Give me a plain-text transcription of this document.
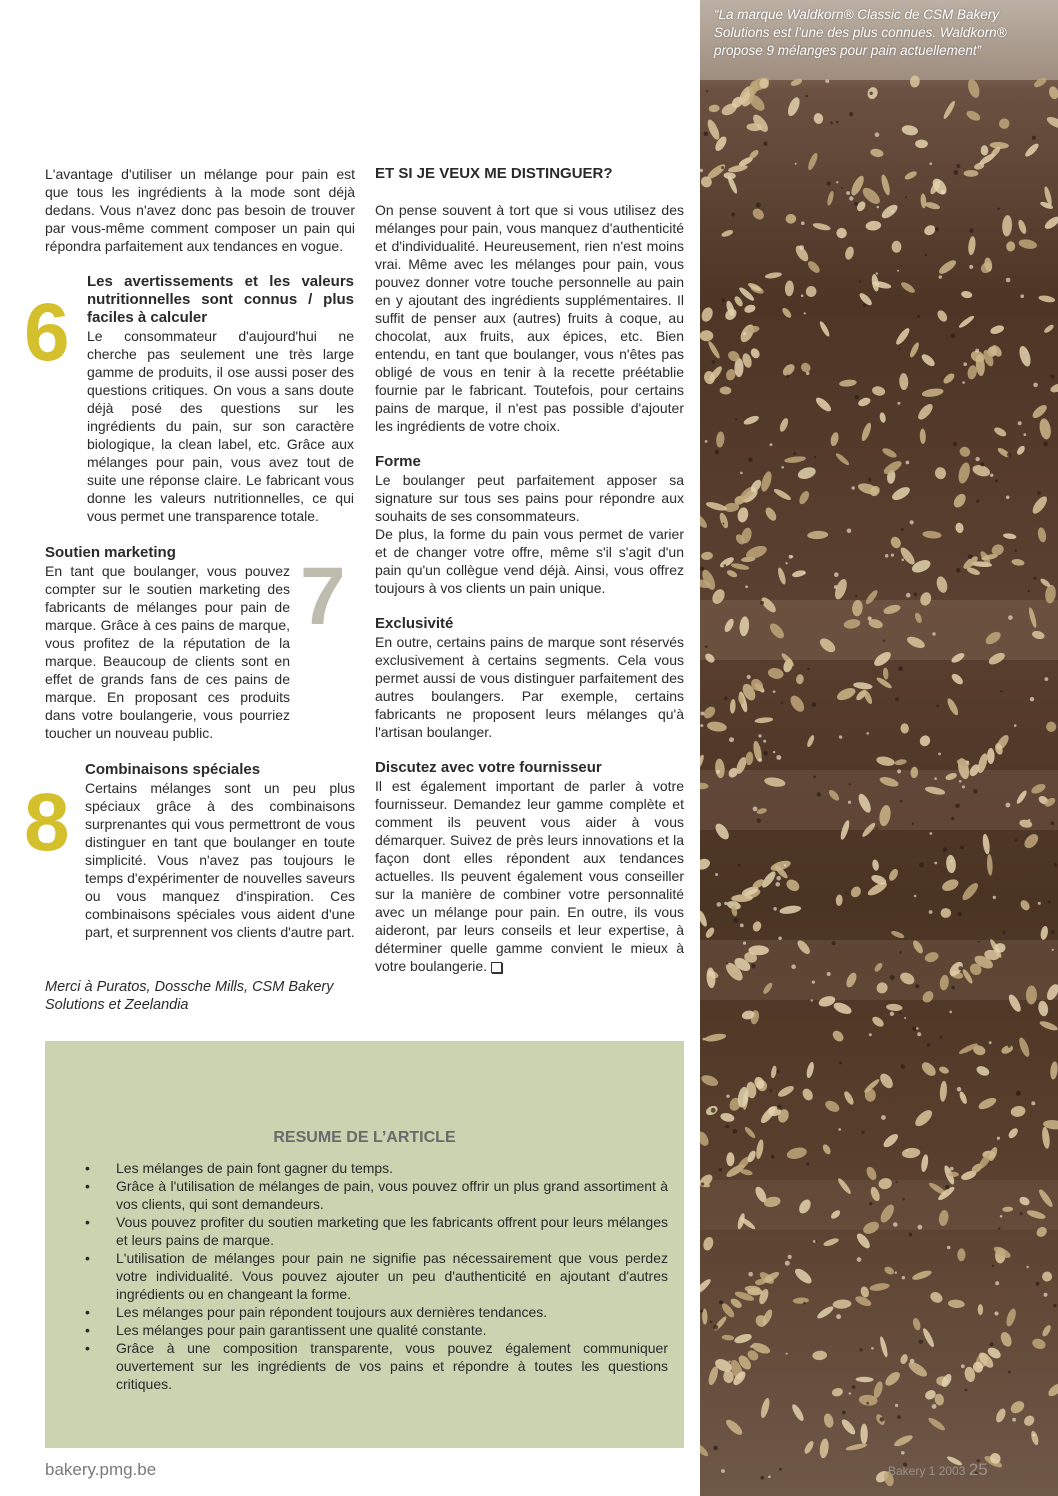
“La marque Waldkorn® Classic de CSM Bakery Solutions est l’une des plus connues. Waldkorn® propose 9 mélanges pour pain actuellement”

L'avantage d'utiliser un mélange pour pain est que tous les ingrédients à la mode sont déjà dedans. Vous n'avez donc pas besoin de trouver par vous-même comment composer un pain qui répondra parfaitement aux tendances en vogue.

6
Les avertissements et les valeurs nutritionnelles sont connus / plus faciles à calculer

Le consommateur d'aujourd'hui ne cherche pas seulement une très large gamme de produits, il ose aussi poser des questions critiques. On vous a sans doute déjà posé des questions sur les ingrédients du pain, sur son caractère biologique, la clean label, etc. Grâce aux mélanges pour pain, vous avez tout de suite une réponse claire. Le fabricant vous donne les valeurs nutritionnelles, ce qui vous permet une transparence totale.

Soutien marketing

En tant que boulanger, vous pouvez compter sur le soutien marketing des fabricants de mélanges pour pain de marque. Grâce à ces pains de marque, vous profitez de la réputation de la marque. Beaucoup de clients sont en effet de grands fans de ces pains de marque. En proposant ces produits dans votre boulangerie, vous pourriez toucher un nouveau public.

7
8
Combinaisons spéciales

Certains mélanges sont un peu plus spéciaux grâce à des combinaisons surprenantes qui vous permettront de vous distinguer en tant que boulanger en toute simplicité. Vous n'avez pas toujours le temps d'expérimenter de nouvelles saveurs ou vous manquez d'inspiration. Ces combinaisons spéciales vous aident d'une part, et surprennent vos clients d'autre part.

Merci à Puratos, Dossche Mills, CSM Bakery Solutions et Zeelandia

ET SI JE VEUX ME DISTINGUER?

On pense souvent à tort que si vous utilisez des mélanges pour pain, vous manquez d'authenticité et d'individualité. Heureusement, rien n'est moins vrai. Même avec les mélanges pour pain, vous pouvez donner votre touche personnelle au pain en y ajoutant des ingrédients supplémentaires. Il suffit de penser aux (autres) fruits à coque, au chocolat, aux fruits, aux épices, etc. Bien entendu, en tant que boulanger, vous n'êtes pas obligé de vous en tenir à la recette préétablie fournie par le fabricant. Toutefois, pour certains pains de marque, il n'est pas possible d'ajouter les ingrédients de votre choix.

Forme

Le boulanger peut parfaitement apposer sa signature sur tous ses pains pour répondre aux souhaits de ses consommateurs.

De plus, la forme du pain vous permet de varier et de changer votre offre, même s'il s'agit d'un pain qu'un collègue vend déjà. Ainsi, vous offrez toujours à vos clients un pain unique.

Exclusivité

En outre, certains pains de marque sont réservés exclusivement à certains segments. Cela vous permet aussi de vous distinguer parfaitement des autres boulangers. Par exemple, certains fabricants ne proposent leurs mélanges qu'à l'artisan boulanger.

Discutez avec votre fournisseur

Il est également important de parler à votre fournisseur. Demandez leur gamme complète et comment ils peuvent vous aider à vous démarquer. Suivez de près leurs innovations et la façon dont elles répondent aux tendances actuelles. Ils peuvent également vous conseiller sur la manière de combiner votre personnalité avec un mélange pour pain. En outre, ils vous aideront, par leurs conseils et leur expertise, à déterminer quelle gamme convient le mieux à votre boulangerie.

RESUME DE L’ARTICLE

• Les mélanges de pain font gagner du temps.
• Grâce à l'utilisation de mélanges de pain, vous pouvez offrir un plus grand assortiment à vos clients, qui sont demandeurs.
• Vous pouvez profiter du soutien marketing que les fabricants offrent pour leurs mélanges et leurs pains de marque.
• L'utilisation de mélanges pour pain ne signifie pas nécessairement que vous perdez votre individualité. Vous pouvez ajouter un peu d'authenticité en ajoutant d'autres ingrédients ou en changeant la forme.
• Les mélanges pour pain répondent toujours aux dernières tendances.
• Les mélanges pour pain garantissent une qualité constante.
• Grâce à une composition transparente, vous pouvez également communiquer ouvertement sur les ingrédients de vos pains et répondre à toutes les questions critiques.

bakery.pmg.be	Bakery 1 2003 25
